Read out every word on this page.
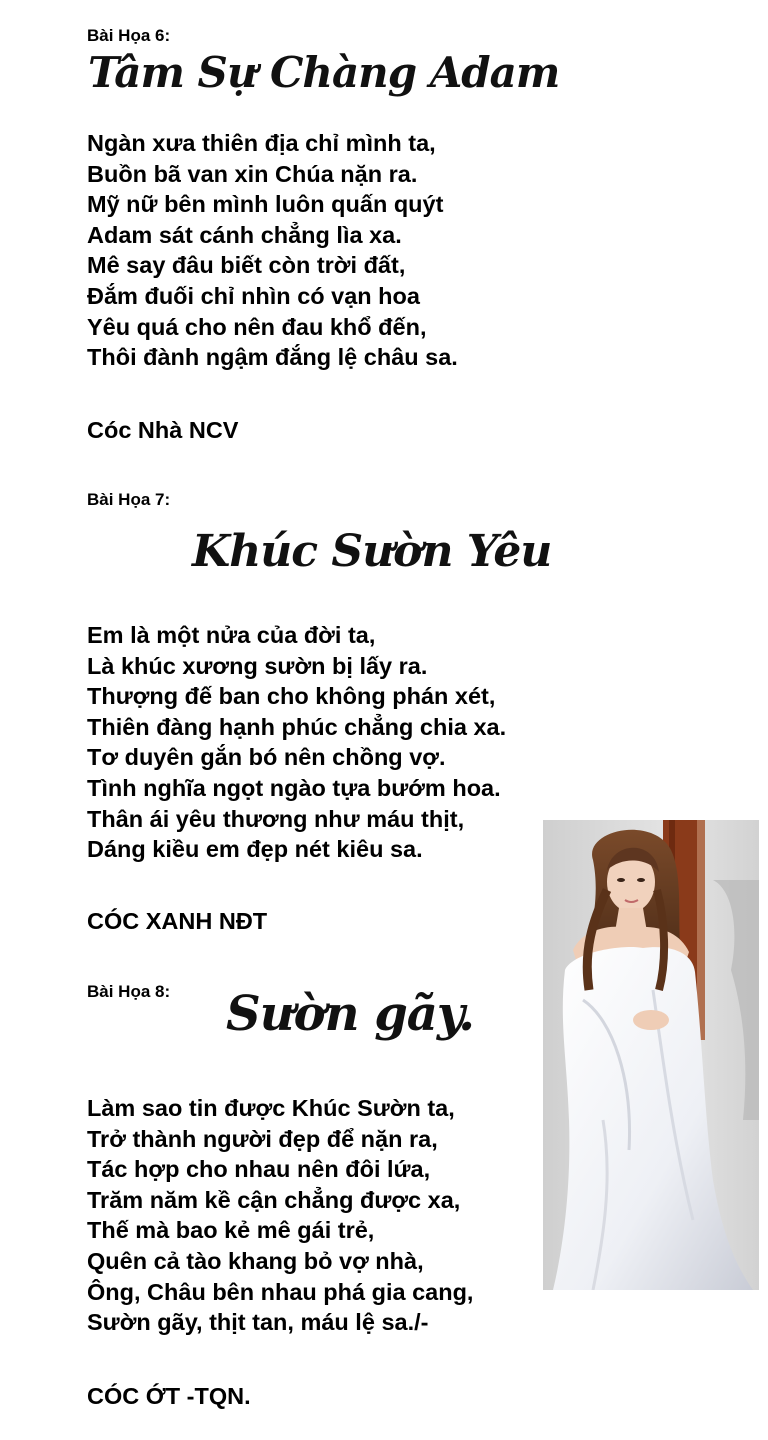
Bài Họa 6:
Tâm Sự Chàng Adam
Ngàn xưa thiên địa chỉ mình ta,
Buồn bã van xin Chúa nặn ra.
Mỹ nữ bên mình luôn quấn quýt
Adam sát cánh chẳng lìa xa.
Mê say đâu biết còn trời đất,
Đắm đuối chỉ nhìn có vạn hoa
Yêu quá cho nên đau khổ đến,
Thôi đành ngậm đắng lệ châu sa.
Cóc Nhà NCV
Bài Họa 7:
Khúc Sườn Yêu
Em là một nửa của đời ta,
Là khúc xương sườn bị lấy ra.
Thượng đế ban cho không phán xét,
Thiên đàng hạnh phúc chẳng chia xa.
Tơ duyên gắn bó nên chồng vợ.
Tình nghĩa ngọt ngào tựa bướm hoa.
Thân ái yêu thương như máu thịt,
Dáng kiều em đẹp nét kiêu sa.
CÓC XANH NĐT
Bài Họa 8: Sườn gãy.
Làm sao tin được Khúc Sườn ta,
Trở thành người đẹp để nặn ra,
Tác hợp cho nhau nên đôi lứa,
Trăm năm kề cận chẳng được xa,
Thế mà bao kẻ mê gái trẻ,
Quên cả tào khang bỏ vợ nhà,
Ông, Châu bên nhau phá gia cang,
Sườn gãy, thịt tan, máu lệ sa./-
CÓC ỚT -TQN.
